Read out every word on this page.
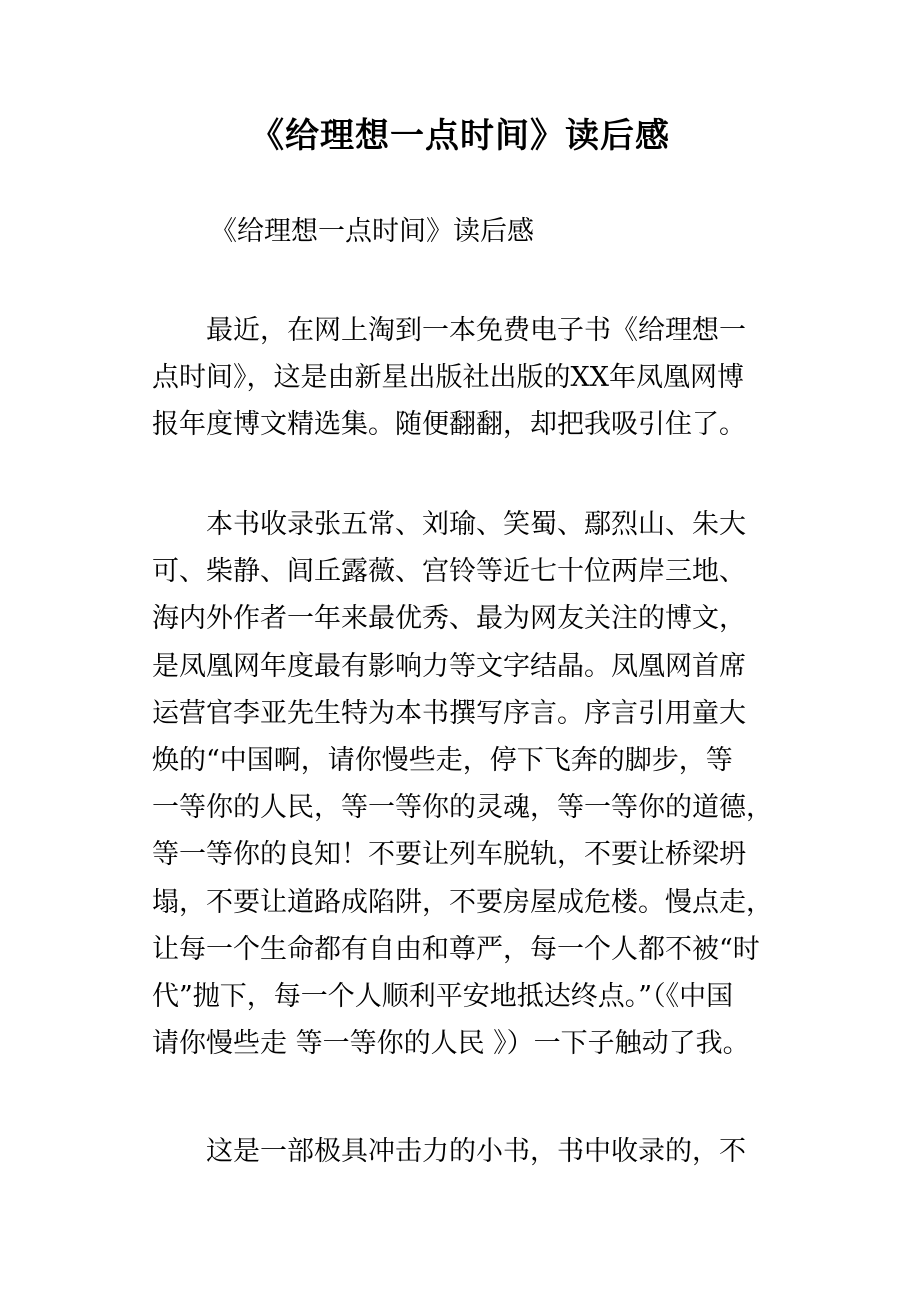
《给理想一点时间》读后感

《给理想一点时间》读后感

　　最近，在网上淘到一本免费电子书《给理想一
点时间》，这是由新星出版社出版的XX年凤凰网博
报年度博文精选集。随便翻翻，却把我吸引住了。

　　本书收录张五常、刘瑜、笑蜀、鄢烈山、朱大
可、柴静、闾丘露薇、宫铃等近七十位两岸三地、
海内外作者一年来最优秀、最为网友关注的博文，
是凤凰网年度最有影响力等文字结晶。凤凰网首席
运营官李亚先生特为本书撰写序言。序言引用童大
焕的“中国啊，请你慢些走，停下飞奔的脚步，等
一等你的人民，等一等你的灵魂，等一等你的道德，
等一等你的良知！不要让列车脱轨，不要让桥梁坍
塌，不要让道路成陷阱，不要房屋成危楼。慢点走，
让每一个生命都有自由和尊严，每一个人都不被“时
代”抛下，每一个人顺利平安地抵达终点。”（《中国
请你慢些走 等一等你的人民 》）一下子触动了我。

　　这是一部极具冲击力的小书，书中收录的，不
